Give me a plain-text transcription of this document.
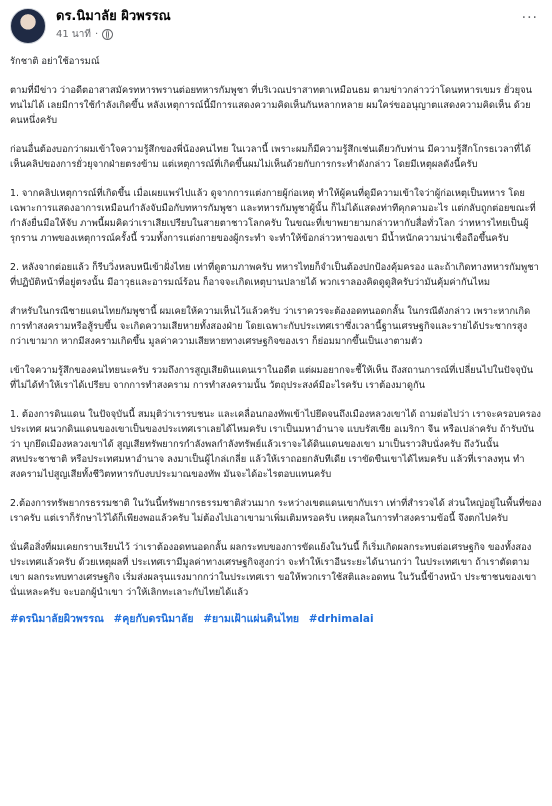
ดร.นิมาลัย ผิวพรรณ
41 นาที ·
···

รักชาติ อย่าใช้อารมณ์

ตามที่มีข่าว ว่าอดีตอาสาสมัครทหารพรานต่อยทหารกัมพูชา ที่บริเวณปราสาทตาเหมือนธม ตามข่าวกล่าวว่าโดนทหารเขมร ยั่วยุจนทนไม่ได้ เลยมีการใช้กำลังเกิดขึ้น หลังเหตุการณ์นี้มีการแสดงความคิดเห็นกันหลากหลาย ผมใคร่ขออนุญาตแสดงความคิดเห็น ด้วยคนหนึ่งครับ

ก่อนอื่นต้องบอกว่าผมเข้าใจความรู้สึกของพี่น้องคนไทย ในเวลานี้ เพราะผมก็มีความรู้สึกเช่นเดียวกับท่าน มีความรู้สึกโกรธเวลาที่ได้เห็นคลิปของการยั่วยุจากฝ่ายตรงข้าม แต่เหตุการณ์ที่เกิดขึ้นผมไม่เห็นด้วยกับการกระทำดังกล่าว โดยมีเหตุผลดังนี้ครับ

1. จากคลิปเหตุการณ์ที่เกิดขึ้น เมื่อเผยแพร่ไปแล้ว ดูจากการแต่งกายผู้ก่อเหตุ ทำให้ผู้คนที่ดูมีความเข้าใจว่าผู้ก่อเหตุเป็นทหาร โดยเฉพาะการแสดงอาการเหมือนกำลังจับมือกับทหารกัมพูชา และทหารกัมพูชาผู้นั้น ก็ไม่ได้แสดงท่าทีคุกคามอะไร แต่กลับถูกต่อยขณะที่กำลังยื่นมือให้จับ ภาพนี้ผมคิดว่าเราเสียเปรียบในสายตาชาวโลกครับ ในขณะที่เขาพยายามกล่าวหากับสื่อทั่วโลก ว่าทหารไทยเป็นผู้รุกราน ภาพของเหตุการณ์ครั้งนี้ รวมทั้งการแต่งกายของผู้กระทำ จะทำให้ข้อกล่าวหาของเขา มีน้ำหนักความน่าเชื่อถือขึ้นครับ

2. หลังจากต่อยแล้ว ก็รีบวิ่งหลบหนีเข้าฝั่งไทย เท่าที่ดูตามภาพครับ ทหารไทยก็จำเป็นต้องปกป้องคุ้มครอง และถ้าเกิดทางทหารกัมพูชา ที่ปฏิบัติหน้าที่อยู่ตรงนั้น มีอาวุธและอารมณ์ร้อน ก็อาจจะเกิดเหตุบานปลายได้ พวกเราลองคิดดูดูสิครับว่ามันคุ้มค่ากันไหม

สำหรับในกรณีชายแดนไทยกัมพูชานี้ ผมเคยให้ความเห็นไว้แล้วครับ ว่าเราควรจะต้องอดทนอดกลั้น ในกรณีดังกล่าว เพราะหากเกิดการทำสงครามหรือสู้รบขึ้น จะเกิดความเสียหายทั้งสองฝ่าย โดยเฉพาะกับประเทศเราซึ่งเวลานี้ฐานเศรษฐกิจและรายได้ประชากรสูงกว่าเขามาก หากมีสงครามเกิดขึ้น มูลค่าความเสียหายทางเศรษฐกิจของเรา ก็ย่อมมากขึ้นเป็นเงาตามตัว

เข้าใจความรู้สึกของคนไทยนะครับ รวมถึงการสูญเสียดินแดนเราในอดีต แต่ผมอยากจะชี้ให้เห็น ถึงสถานการณ์ที่เปลี่ยนไปในปัจจุบัน ที่ไม่ได้ทำให้เราได้เปรียบ จากการทำสงคราม การทำสงครามนั้น วัตถุประสงค์มีอะไรครับ เราต้องมาดูกัน

1. ต้องการดินแดน ในปัจจุบันนี้ สมมุติว่าเรารบชนะ และเคลื่อนกองทัพเข้าไปยึดจนถึงเมืองหลวงเขาได้ ถามต่อไปว่า เราจะครอบครองประเทศ ผนวกดินแดนของเขาเป็นของประเทศเราเลยได้ไหมครับ เราเป็นมหาอำนาจ แบบรัสเซีย อเมริกา จีน หรือเปล่าครับ ถ้ารับบันว่า บุกยึดเมืองหลวงเขาได้ สูญเสียทรัพยากรกำลังพลกำลังทรัพย์แล้วเราจะได้ดินแดนของเขา มาเป็นราวสิบนั่งครับ ถึงวันนั้น สหประชาชาติ หรือประเทศมหาอำนาจ ลงมาเป็นผู้ไกล่เกลี่ย แล้วให้เราถอยกลับทีเดีย เราขัดขืนเขาได้ไหมครับ แล้วที่เราลงทุน ทำสงครามไปสูญเสียทั้งชีวิตทหารกับงบประมาณของทัพ มันจะได้อะไรตอบแทนครับ

2.ต้องการทรัพยากรธรรมชาติ ในวันนี้ทรัพยากรธรรมชาติส่วนมาก ระหว่างเขตแดนเขากับเรา เท่าที่สำรวจได้ ส่วนใหญ่อยู่ในพื้นที่ของเราครับ แต่เราก็รักษาไว้ได้ก็เพียงพอแล้วครับ ไม่ต้องไปเอาเขามาเพิ่มเติมหรอครับ เหตุผลในการทำสงครามข้อนี้ จึงตกไปครับ

นั่นคือสิ่งที่ผมเคยกราบเรียนไว้ ว่าเราต้องอดทนอดกลั้น ผลกระทบของการขัดแย้งในวันนี้ ก็เริ่มเกิดผลกระทบต่อเศรษฐกิจ ของทั้งสองประเทศแล้วครับ ด้วยเหตุผลที่ ประเทศเรามีมูลค่าทางเศรษฐกิจสูงกว่า จะทำให้เราอีนระยะได้นานกว่า ในประเทศเขา ถ้าเราตัดตามเขา ผลกระทบทางเศรษฐกิจ เริ่มส่งผลรุนแรงมากกว่าในประเทศเรา ขอให้พวกเราใช้สติและอดทน ในวันนี้ข้างหน้า ประชาชนของเขานั่นเหละครับ จะบอกผู้นำเขา ว่าให้เลิกทะเลาะกับไทยได้แล้ว

#ดรนิมาลัยผิวพรรณ #คุยกับดรนิมาลัย #ยามเฝ้าแผ่นดินไทย #drhimalai
